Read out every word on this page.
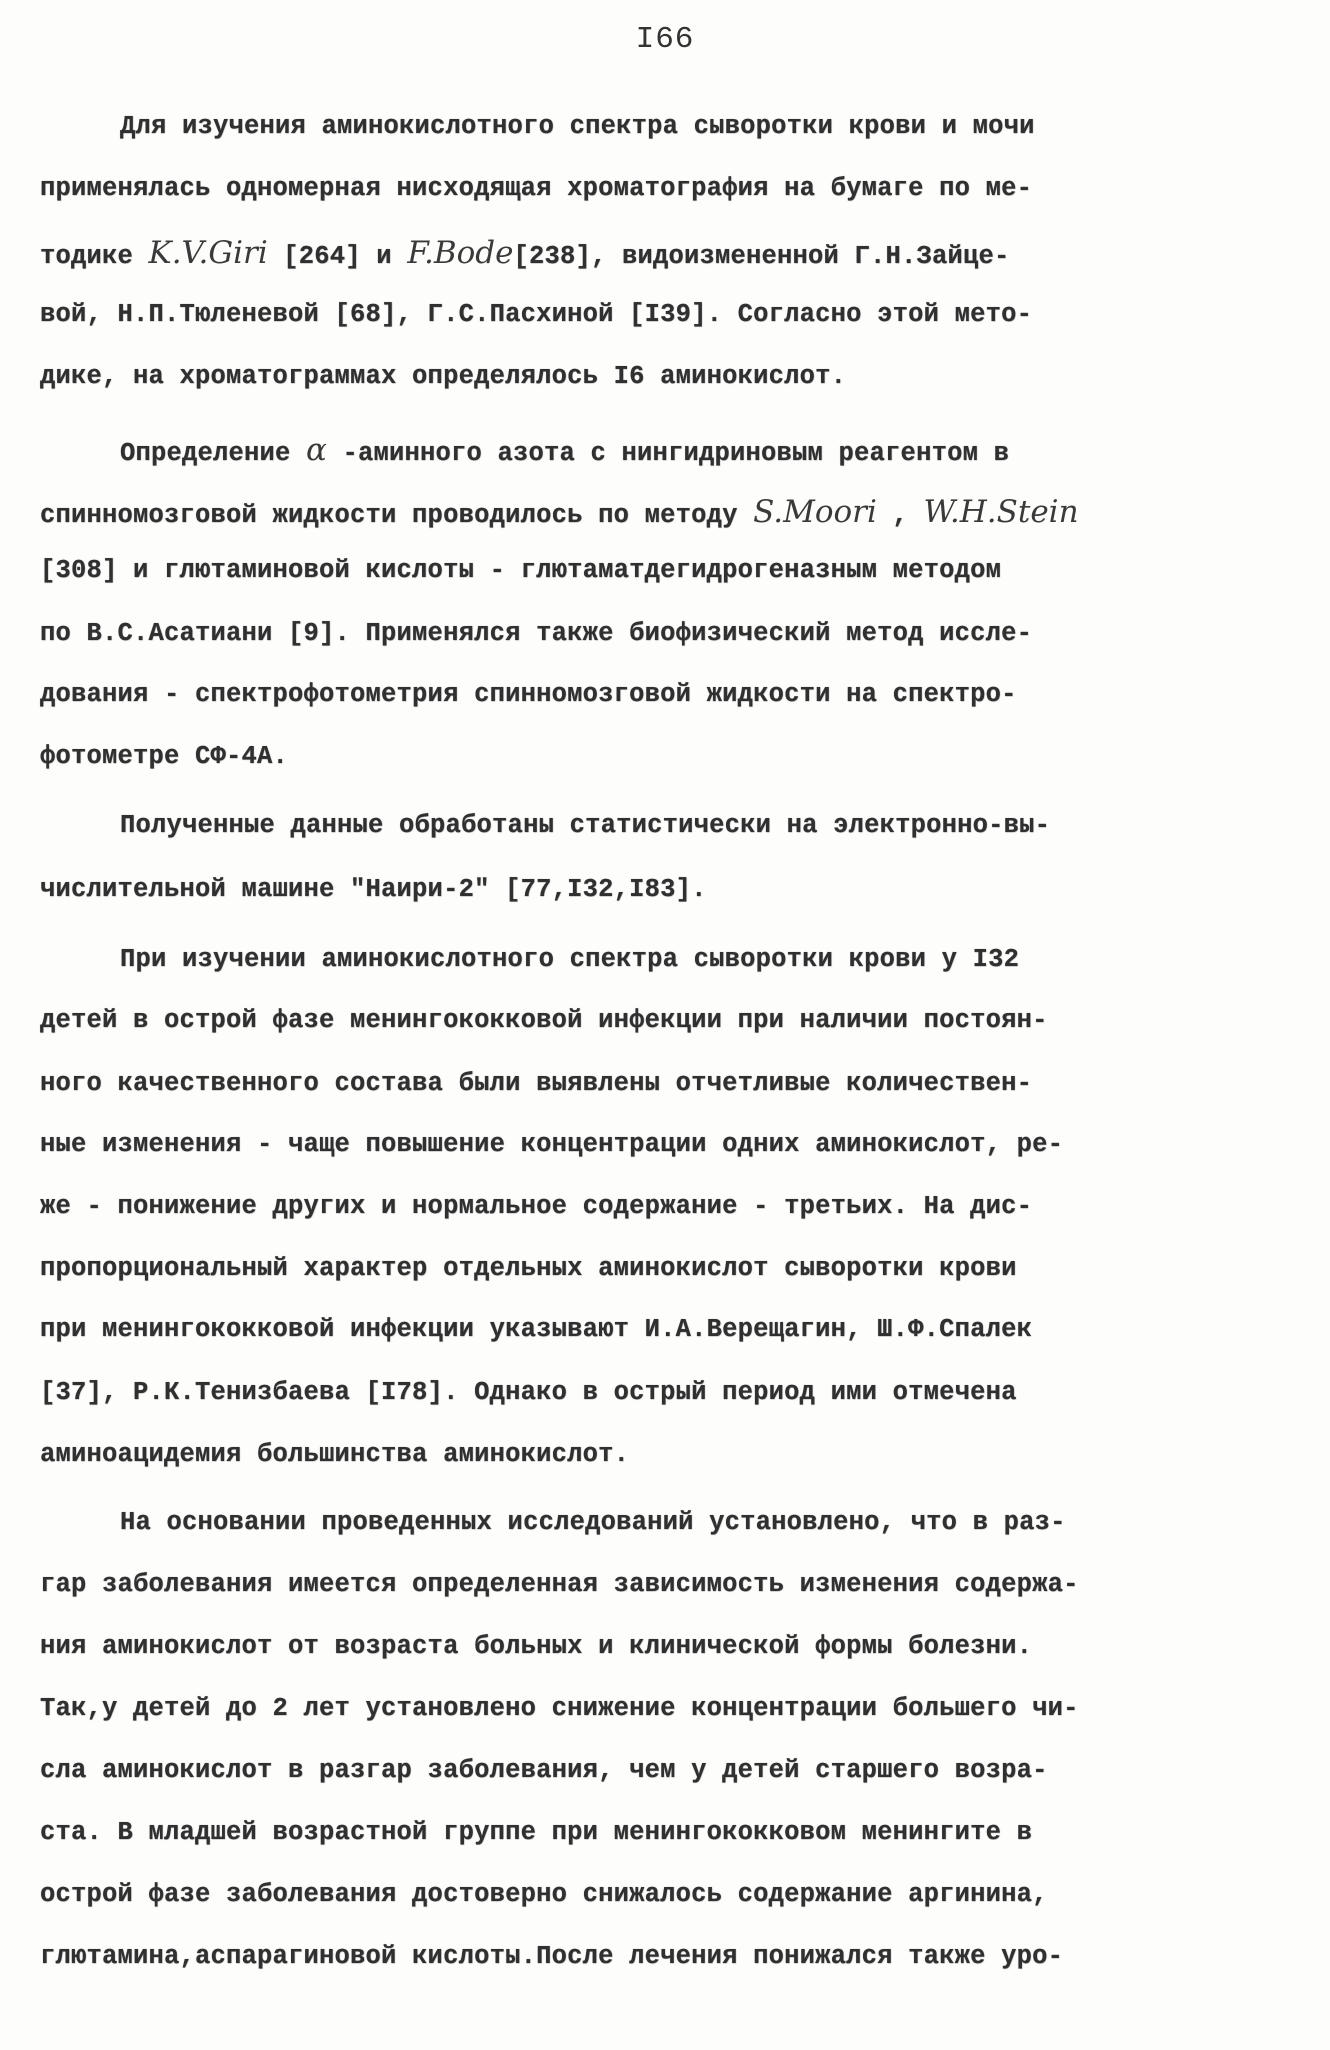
I66
Для изучения аминокислотного спектра сыворотки крови и мочи
применялась одномерная нисходящая хроматография на бумаге по ме-
тодике K.V.Giri [264] и F.Bode[238], видоизмененной Г.Н.Зайце-
вой, Н.П.Тюленевой [68], Г.С.Пасхиной [I39]. Согласно этой мето-
дике, на хроматограммах определялось I6 аминокислот.
Определение α -аминного азота с нингидриновым реагентом в
спинномозговой жидкости проводилось по методу S.Moori , W.H.Stein
[308] и глютаминовой кислоты - глютаматдегидрогеназным методом
по В.С.Асатиани [9]. Применялся также биофизический метод иссле-
дования - спектрофотометрия спинномозговой жидкости на спектро-
фотометре СФ-4А.
Полученные данные обработаны статистически на электронно-вы-
числительной машине "Наири-2" [77,I32,I83].
При изучении аминокислотного спектра сыворотки крови у I32
детей в острой фазе менингококковой инфекции при наличии постоян-
ного качественного состава были выявлены отчетливые количествен-
ные изменения - чаще повышение концентрации одних аминокислот, ре-
же - понижение других и нормальное содержание - третьих. На дис-
пропорциональный характер отдельных аминокислот сыворотки крови
при менингококковой инфекции указывают И.А.Верещагин, Ш.Ф.Спалек
[37], Р.К.Тенизбаева [I78]. Однако в острый период ими отмечена
аминоацидемия большинства аминокислот.
На основании проведенных исследований установлено, что в раз-
гар заболевания имеется определенная зависимость изменения содержа-
ния аминокислот от возраста больных и клинической формы болезни.
Так,у детей до 2 лет установлено снижение концентрации большего чи-
сла аминокислот в разгар заболевания, чем у детей старшего возра-
ста. В младшей возрастной группе при менингококковом менингите в
острой фазе заболевания достоверно снижалось содержание аргинина,
глютамина,аспарагиновой кислоты.После лечения понижался также уро-
